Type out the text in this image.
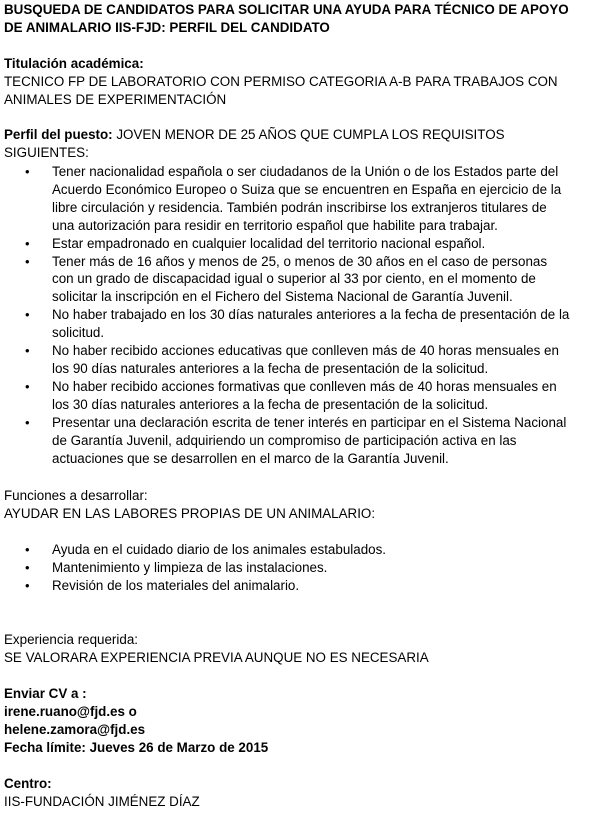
BUSQUEDA DE CANDIDATOS PARA SOLICITAR UNA AYUDA PARA TÉCNICO DE APOYO DE ANIMALARIO IIS-FJD: PERFIL DEL CANDIDATO

Titulación académica:

TECNICO FP DE LABORATORIO CON PERMISO CATEGORIA A-B PARA TRABAJOS CON ANIMALES DE EXPERIMENTACIÓN

Perfil del puesto: JOVEN MENOR DE 25 AÑOS QUE CUMPLA LOS REQUISITOS SIGUIENTES:

• Tener nacionalidad española o ser ciudadanos de la Unión o de los Estados parte del Acuerdo Económico Europeo o Suiza que se encuentren en España en ejercicio de la libre circulación y residencia. También podrán inscribirse los extranjeros titulares de una autorización para residir en territorio español que habilite para trabajar.
• Estar empadronado en cualquier localidad del territorio nacional español.
• Tener más de 16 años y menos de 25, o menos de 30 años en el caso de personas con un grado de discapacidad igual o superior al 33 por ciento, en el momento de solicitar la inscripción en el Fichero del Sistema Nacional de Garantía Juvenil.
• No haber trabajado en los 30 días naturales anteriores a la fecha de presentación de la solicitud.
• No haber recibido acciones educativas que conlleven más de 40 horas mensuales en los 90 días naturales anteriores a la fecha de presentación de la solicitud.
• No haber recibido acciones formativas que conlleven más de 40 horas mensuales en los 30 días naturales anteriores a la fecha de presentación de la solicitud.
• Presentar una declaración escrita de tener interés en participar en el Sistema Nacional de Garantía Juvenil, adquiriendo un compromiso de participación activa en las actuaciones que se desarrollen en el marco de la Garantía Juvenil.

Funciones a desarrollar:

AYUDAR EN LAS LABORES PROPIAS DE UN ANIMALARIO:

• Ayuda en el cuidado diario de los animales estabulados.
• Mantenimiento y limpieza de las instalaciones.
• Revisión de los materiales del animalario.

Experiencia requerida:

SE VALORARA EXPERIENCIA PREVIA AUNQUE NO ES NECESARIA

Enviar CV a :

irene.ruano@fjd.es o

helene.zamora@fjd.es

Fecha límite: Jueves 26 de Marzo de 2015

Centro:

IIS-FUNDACIÓN JIMÉNEZ DÍAZ
